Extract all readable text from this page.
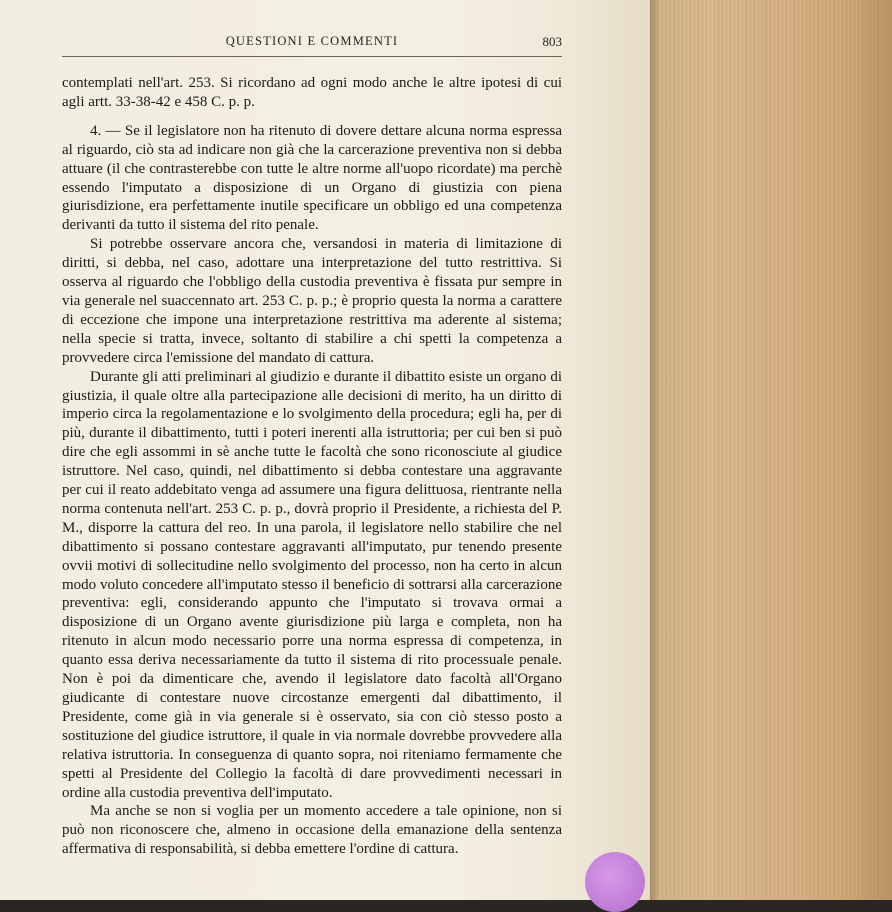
QUESTIONI E COMMENTI	803

contemplati nell'art. 253. Si ricordano ad ogni modo anche le altre ipotesi di cui agli artt. 33-38-42 e 458 C. p. p.

4. — Se il legislatore non ha ritenuto di dovere dettare alcuna norma espressa al riguardo, ciò sta ad indicare non già che la carcerazione preventiva non si debba attuare (il che contrasterebbe con tutte le altre norme all'uopo ricordate) ma perchè essendo l'imputato a disposizione di un Organo di giustizia con piena giurisdizione, era perfettamente inutile specificare un obbligo ed una competenza derivanti da tutto il sistema del rito penale.

Si potrebbe osservare ancora che, versandosi in materia di limitazione di diritti, si debba, nel caso, adottare una interpretazione del tutto restrittiva. Si osserva al riguardo che l'obbligo della custodia preventiva è fissata pur sempre in via generale nel suaccennato art. 253 C. p. p.; è proprio questa la norma a carattere di eccezione che impone una interpretazione restrittiva ma aderente al sistema; nella specie si tratta, invece, soltanto di stabilire a chi spetti la competenza a provvedere circa l'emissione del mandato di cattura.

Durante gli atti preliminari al giudizio e durante il dibattito esiste un organo di giustizia, il quale oltre alla partecipazione alle decisioni di merito, ha un diritto di imperio circa la regolamentazione e lo svolgimento della procedura; egli ha, per di più, durante il dibattimento, tutti i poteri inerenti alla istruttoria; per cui ben si può dire che egli assommi in sè anche tutte le facoltà che sono riconosciute al giudice istruttore. Nel caso, quindi, nel dibattimento si debba contestare una aggravante per cui il reato addebitato venga ad assumere una figura delittuosa, rientrante nella norma contenuta nell'art. 253 C. p. p., dovrà proprio il Presidente, a richiesta del P. M., disporre la cattura del reo. In una parola, il legislatore nello stabilire che nel dibattimento si possano contestare aggravanti all'imputato, pur tenendo presente ovvii motivi di sollecitudine nello svolgimento del processo, non ha certo in alcun modo voluto concedere all'imputato stesso il beneficio di sottrarsi alla carcerazione preventiva: egli, considerando appunto che l'imputato si trovava ormai a disposizione di un Organo avente giurisdizione più larga e completa, non ha ritenuto in alcun modo necessario porre una norma espressa di competenza, in quanto essa deriva necessariamente da tutto il sistema di rito processuale penale. Non è poi da dimenticare che, avendo il legislatore dato facoltà all'Organo giudicante di contestare nuove circostanze emergenti dal dibattimento, il Presidente, come già in via generale si è osservato, sia con ciò stesso posto a sostituzione del giudice istruttore, il quale in via normale dovrebbe provvedere alla relativa istruttoria. In conseguenza di quanto sopra, noi riteniamo fermamente che spetti al Presidente del Collegio la facoltà di dare provvedimenti necessari in ordine alla custodia preventiva dell'imputato.

Ma anche se non si voglia per un momento accedere a tale opinione, non si può non riconoscere che, almeno in occasione della emanazione della sentenza affermativa di responsabilità, si debba emettere l'ordine di cattura.
